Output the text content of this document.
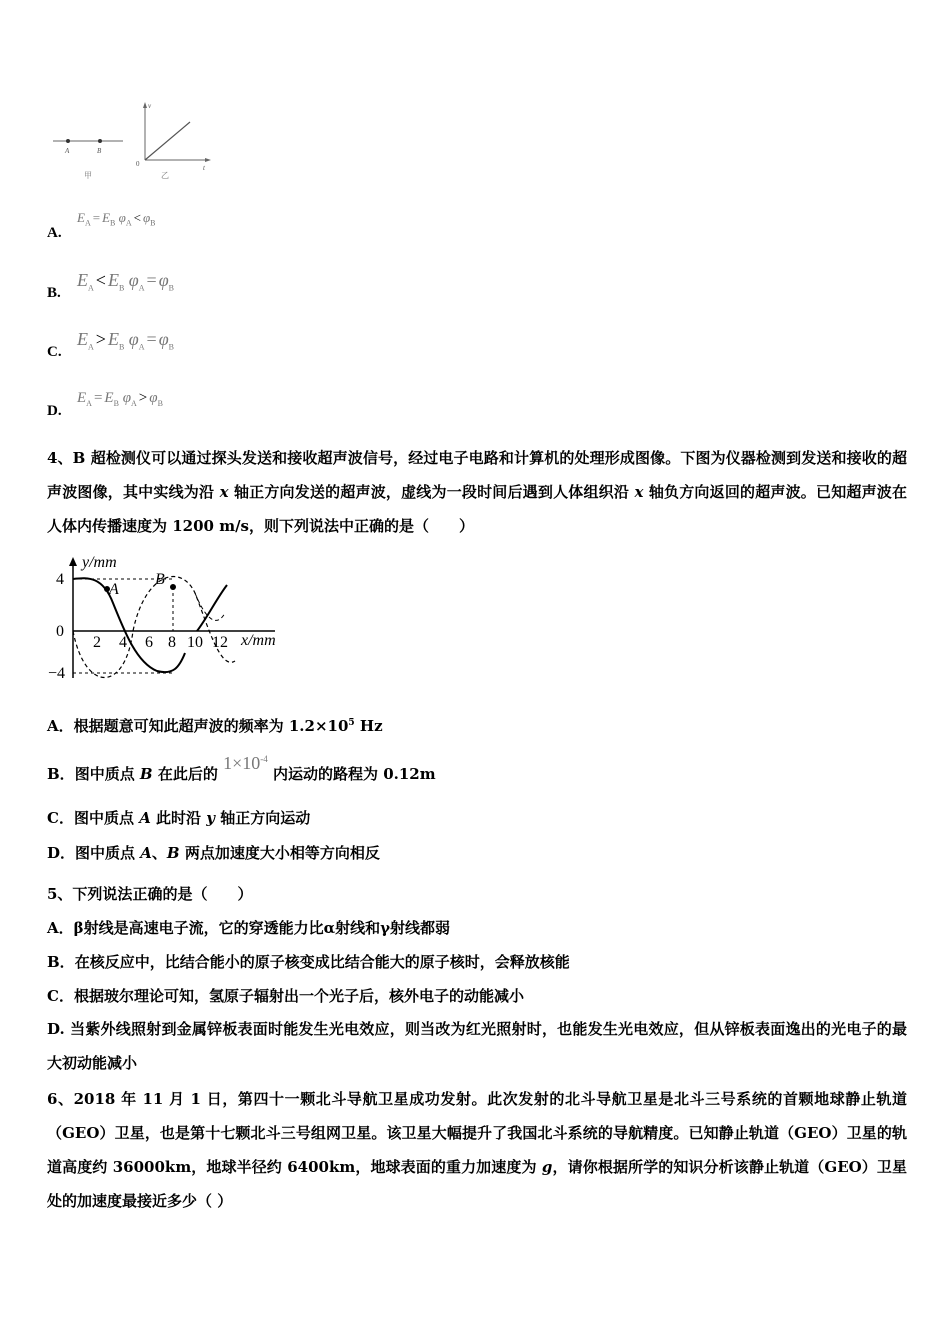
A	B
甲
v
t
0
乙
A.
$E_A = E_B$ $\varphi_A < \varphi_B$
B.
$E_A < E_B$ $\varphi_A = \varphi_B$
C.
$E_A > E_B$ $\varphi_A = \varphi_B$
D.
$E_A = E_B$ $\varphi_A > \varphi_B$
4、B 超检测仪可以通过探头发送和接收超声波信号，经过电子电路和计算机的处理形成图像。下图为仪器检测到发送和接收的超声波图像，其中实线为沿 x 轴正方向发送的超声波，虚线为一段时间后遇到人体组织沿 x 轴负方向返回的超声波。已知超声波在人体内传播速度为 1200 m/s，则下列说法中正确的是（　　）
A
B
y/mm
x/mm
4
0
−4
2 4 6 8 10 12
A．根据题意可知此超声波的频率为 $1.2\times 10^5$ Hz
B．图中质点 B 在此后的 $1\times 10^{-4}$ 内运动的路程为 0.12m
C．图中质点 A 此时沿 y 轴正方向运动
D．图中质点 A、B 两点加速度大小相等方向相反
5、下列说法正确的是（　　）
A．β射线是高速电子流，它的穿透能力比α射线和γ射线都弱
B．在核反应中，比结合能小的原子核变成比结合能大的原子核时，会释放核能
C．根据玻尔理论可知，氢原子辐射出一个光子后，核外电子的动能减小
D. 当紫外线照射到金属锌板表面时能发生光电效应，则当改为红光照射时，也能发生光电效应，但从锌板表面逸出的光电子的最大初动能减小
6、2018 年 11 月 1 日，第四十一颗北斗导航卫星成功发射。此次发射的北斗导航卫星是北斗三号系统的首颗地球静止轨道（GEO）卫星，也是第十七颗北斗三号组网卫星。该卫星大幅提升了我国北斗系统的导航精度。已知静止轨道（GEO）卫星的轨道高度约 36000km，地球半径约 6400km，地球表面的重力加速度为 g，请你根据所学的知识分析该静止轨道（GEO）卫星处的加速度最接近多少（ ）
